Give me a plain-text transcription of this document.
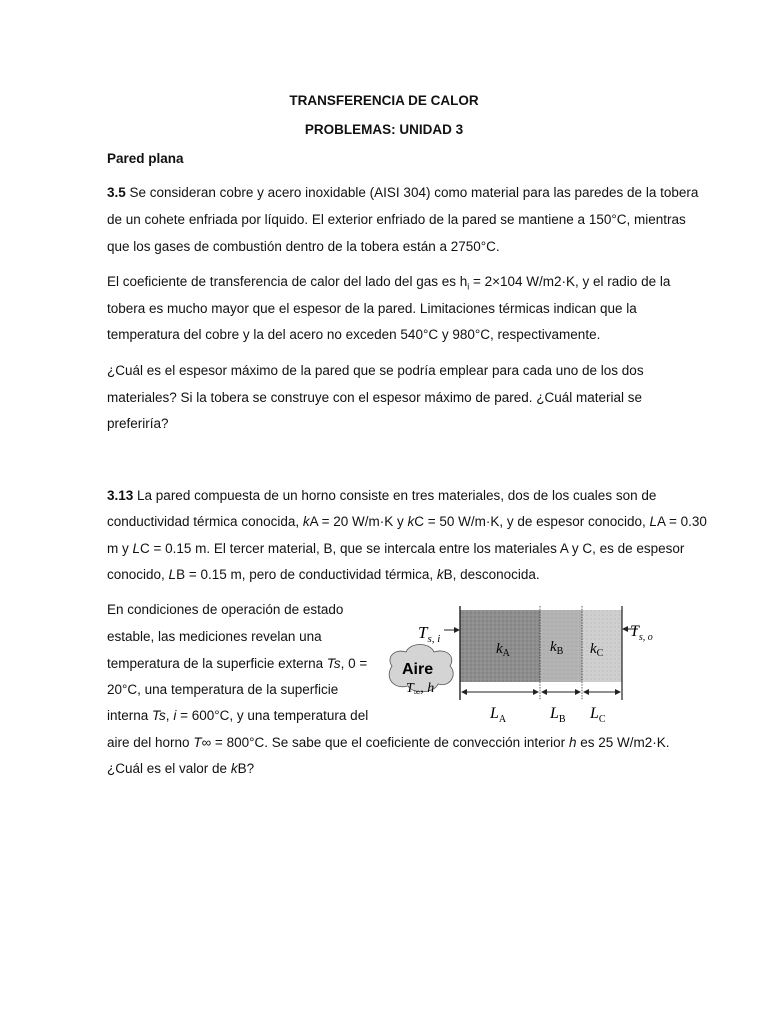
TRANSFERENCIA DE CALOR
PROBLEMAS: UNIDAD 3
Pared plana
3.5 Se consideran cobre y acero inoxidable (AISI 304) como material para las paredes de la tobera
de un cohete enfriada por líquido. El exterior enfriado de la pared se mantiene a 150°C, mientras
que los gases de combustión dentro de la tobera están a 2750°C.
El coeficiente de transferencia de calor del lado del gas es $h_i = 2\times 104$ W/m2·K, y el radio de la
tobera es mucho mayor que el espesor de la pared. Limitaciones térmicas indican que la
temperatura del cobre y la del acero no exceden 540°C y 980°C, respectivamente.
¿Cuál es el espesor máximo de la pared que se podría emplear para cada uno de los dos
materiales? Si la tobera se construye con el espesor máximo de pared. ¿Cuál material se
preferiría?
3.13 La pared compuesta de un horno consiste en tres materiales, dos de los cuales son de
conductividad térmica conocida, kA = 20 W/m·K y kC = 50 W/m·K, y de espesor conocido, LA = 0.30
m y LC = 0.15 m. El tercer material, B, que se intercala entre los materiales A y C, es de espesor
conocido, LB = 0.15 m, pero de conductividad térmica, kB, desconocida.
En condiciones de operación de estado
estable, las mediciones revelan una
temperatura de la superficie externa Ts, 0 =
20°C, una temperatura de la superficie
interna Ts, i = 600°C, y una temperatura del
aire del horno T∞ = 800°C. Se sabe que el coeficiente de convección interior h es 25 W/m2·K.
¿Cuál es el valor de kB?
$T_{s, i}$	$T_{s, o}$
$k_A$	$k_B$ $k_C$
Aire
$T_\infty$, h
$L_A$	$L_B$ $L_C$
